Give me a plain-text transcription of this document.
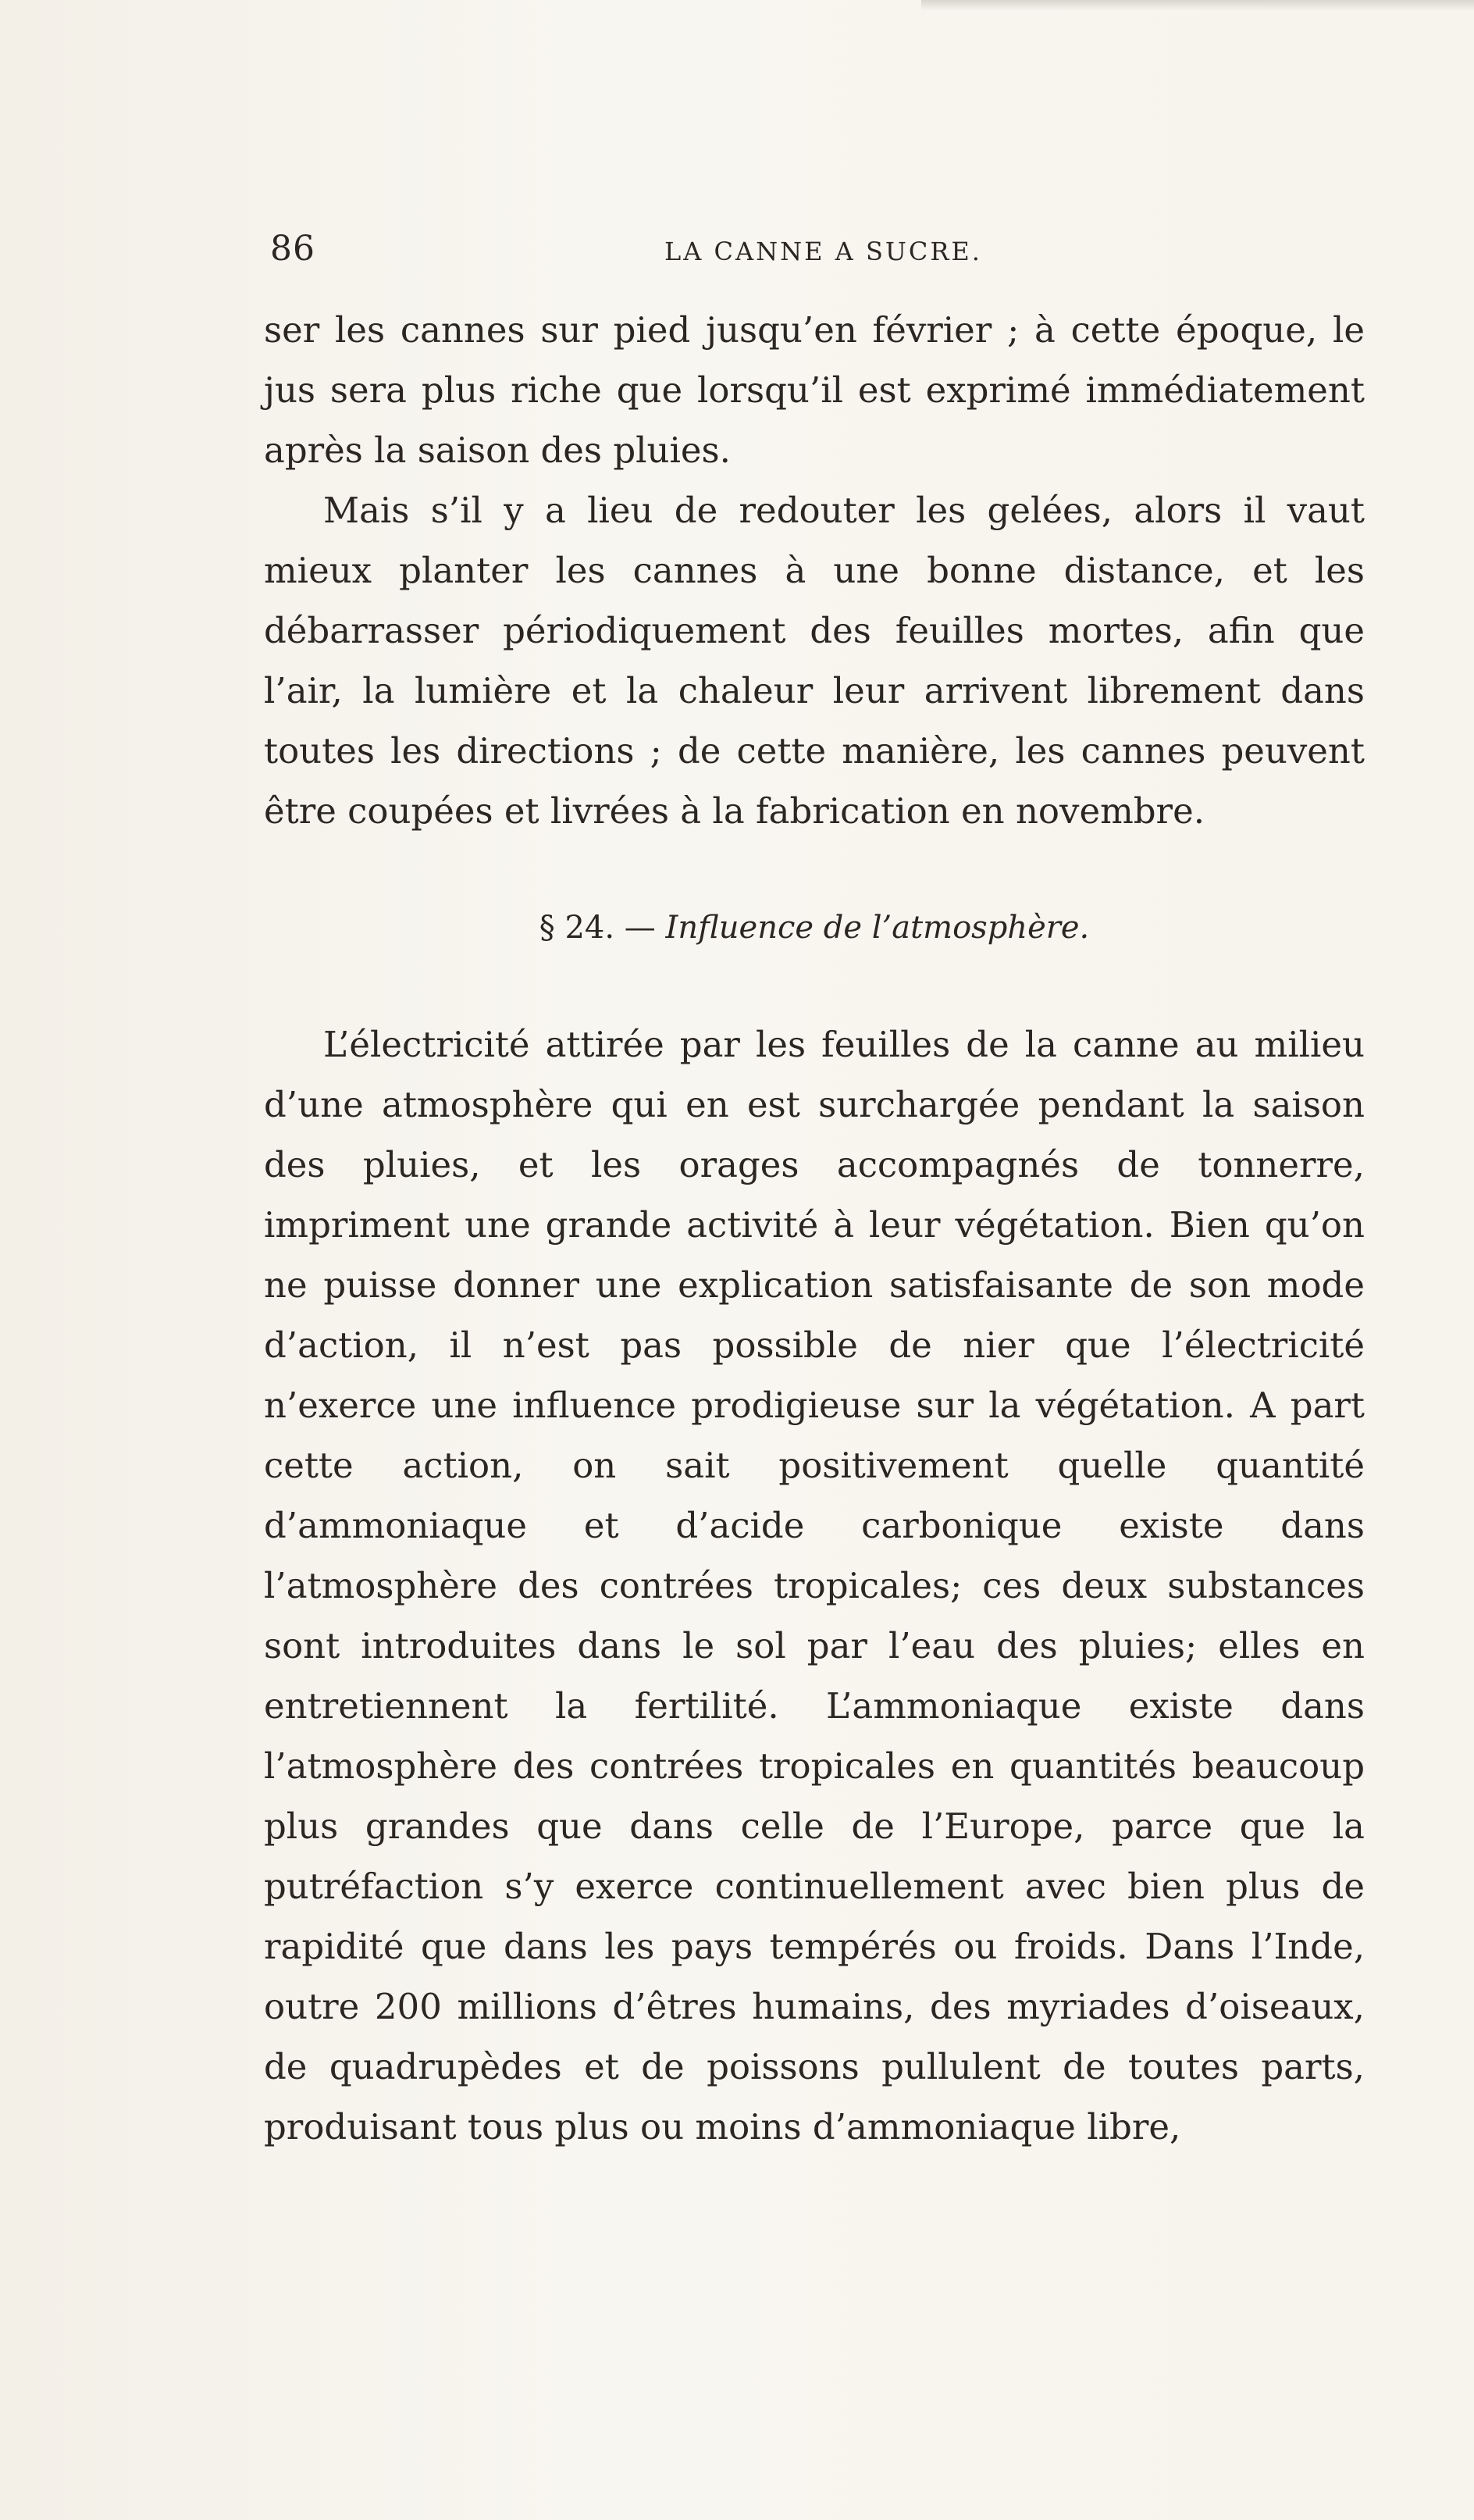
86	LA CANNE A SUCRE.

ser les cannes sur pied jusqu’en février ; à cette époque, le jus sera plus riche que lorsqu’il est exprimé immédiatement après la saison des pluies.

Mais s’il y a lieu de redouter les gelées, alors il vaut mieux planter les cannes à une bonne distance, et les débarrasser périodiquement des feuilles mortes, afin que l’air, la lumière et la chaleur leur arrivent librement dans toutes les directions ; de cette manière, les cannes peuvent être coupées et livrées à la fabrication en novembre.

§ 24. — Influence de l’atmosphère.

L’électricité attirée par les feuilles de la canne au milieu d’une atmosphère qui en est surchargée pendant la saison des pluies, et les orages accompagnés de tonnerre, impriment une grande activité à leur végétation. Bien qu’on ne puisse donner une explication satisfaisante de son mode d’action, il n’est pas possible de nier que l’électricité n’exerce une influence prodigieuse sur la végétation. A part cette action, on sait positivement quelle quantité d’ammoniaque et d’acide carbonique existe dans l’atmosphère des contrées tropicales; ces deux substances sont introduites dans le sol par l’eau des pluies; elles en entretiennent la fertilité. L’ammoniaque existe dans l’atmosphère des contrées tropicales en quantités beaucoup plus grandes que dans celle de l’Europe, parce que la putréfaction s’y exerce continuellement avec bien plus de rapidité que dans les pays tempérés ou froids. Dans l’Inde, outre 200 millions d’êtres humains, des myriades d’oiseaux, de quadrupèdes et de poissons pullulent de toutes parts, produisant tous plus ou moins d’ammoniaque libre,
